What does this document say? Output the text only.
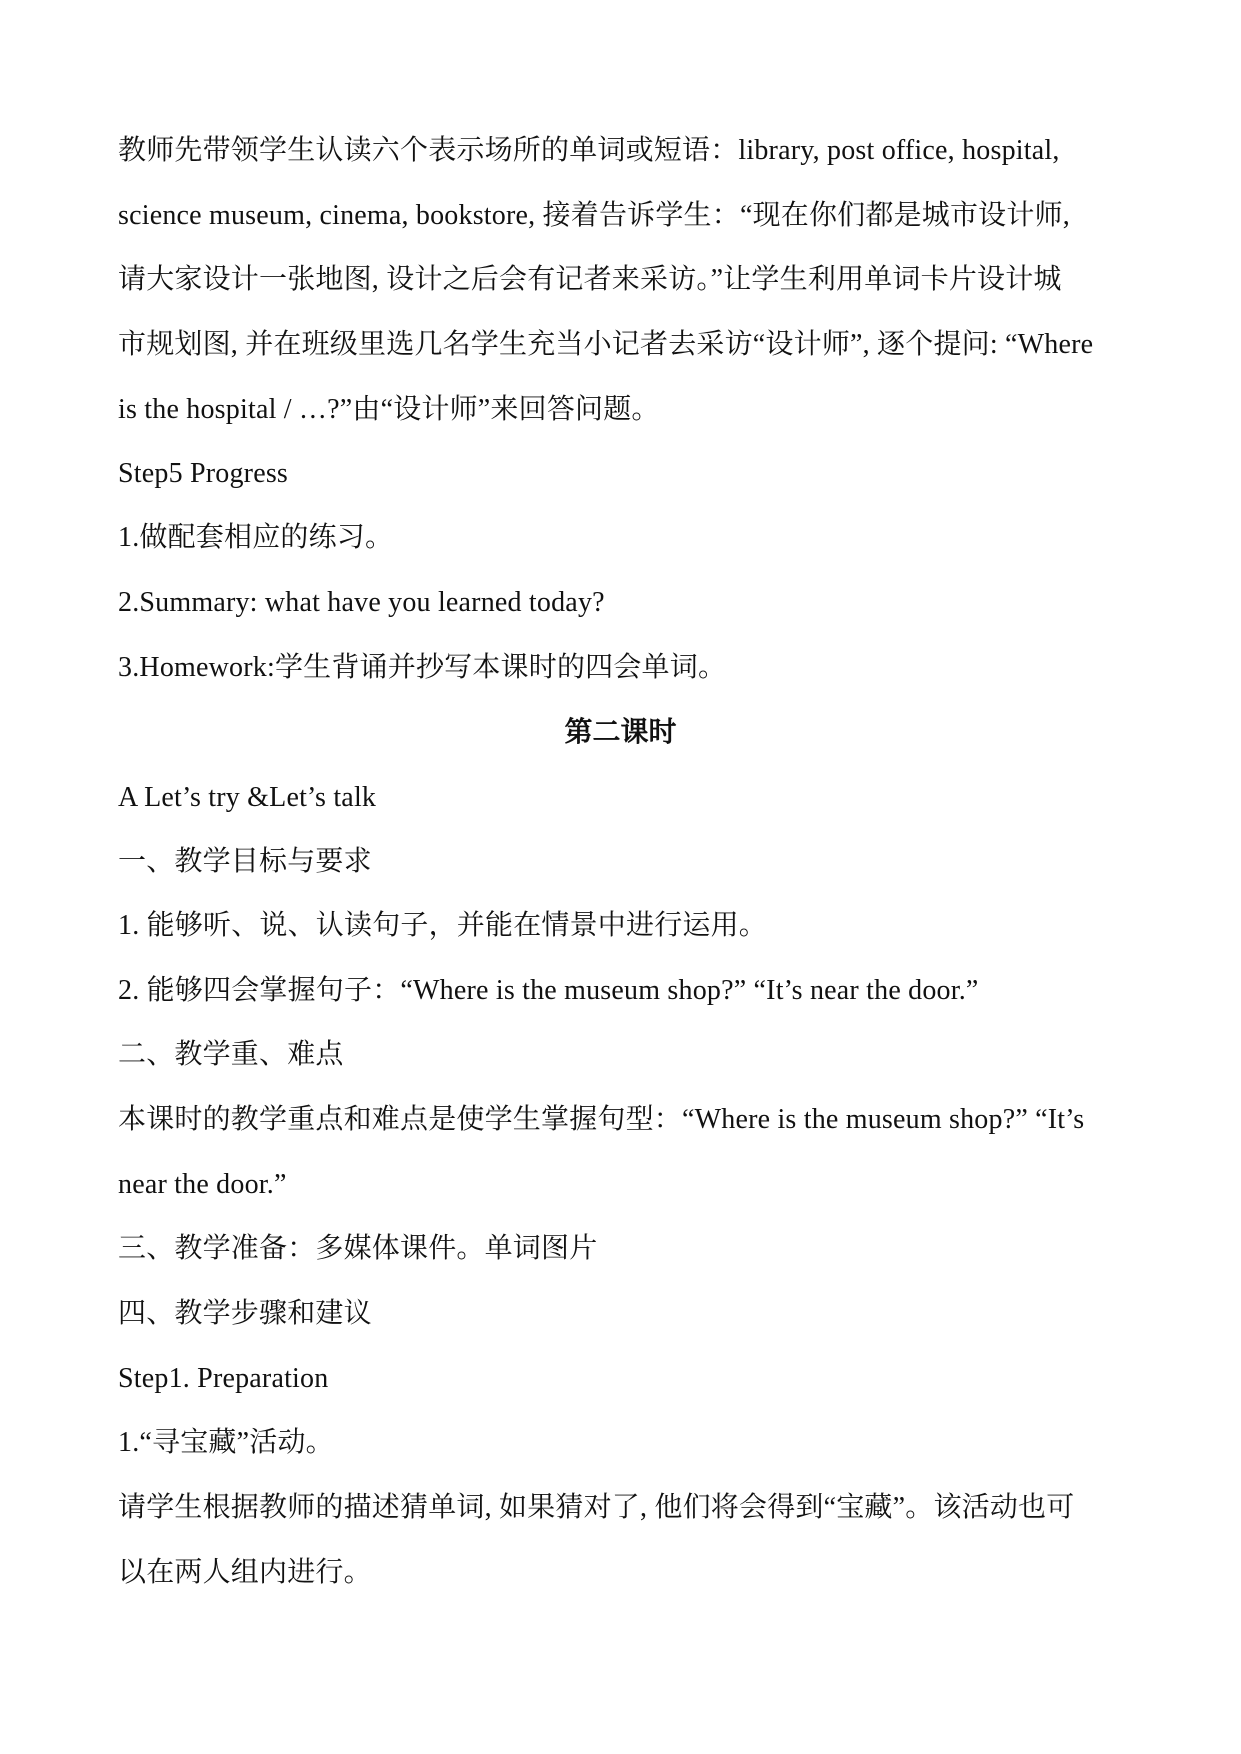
教师先带领学生认读六个表示场所的单词或短语：library, post office, hospital,
science museum, cinema, bookstore, 接着告诉学生：“现在你们都是城市设计师,
请大家设计一张地图, 设计之后会有记者来采访。”让学生利用单词卡片设计城
市规划图, 并在班级里选几名学生充当小记者去采访“设计师”, 逐个提问: “Where
is the hospital / …?”由“设计师”来回答问题。
Step5 Progress
1.做配套相应的练习。
2.Summary: what have you learned today?
3.Homework:学生背诵并抄写本课时的四会单词。
第二课时
A Let’s try &Let’s talk
一、教学目标与要求
1. 能够听、说、认读句子，并能在情景中进行运用。
2. 能够四会掌握句子：“Where is the museum shop?” “It’s near the door.”
二、教学重、难点
本课时的教学重点和难点是使学生掌握句型：“Where is the museum shop?” “It’s
near the door.”
三、教学准备：多媒体课件。单词图片
四、教学步骤和建议
Step1. Preparation
1.“寻宝藏”活动。
请学生根据教师的描述猜单词, 如果猜对了, 他们将会得到“宝藏”。该活动也可
以在两人组内进行。
